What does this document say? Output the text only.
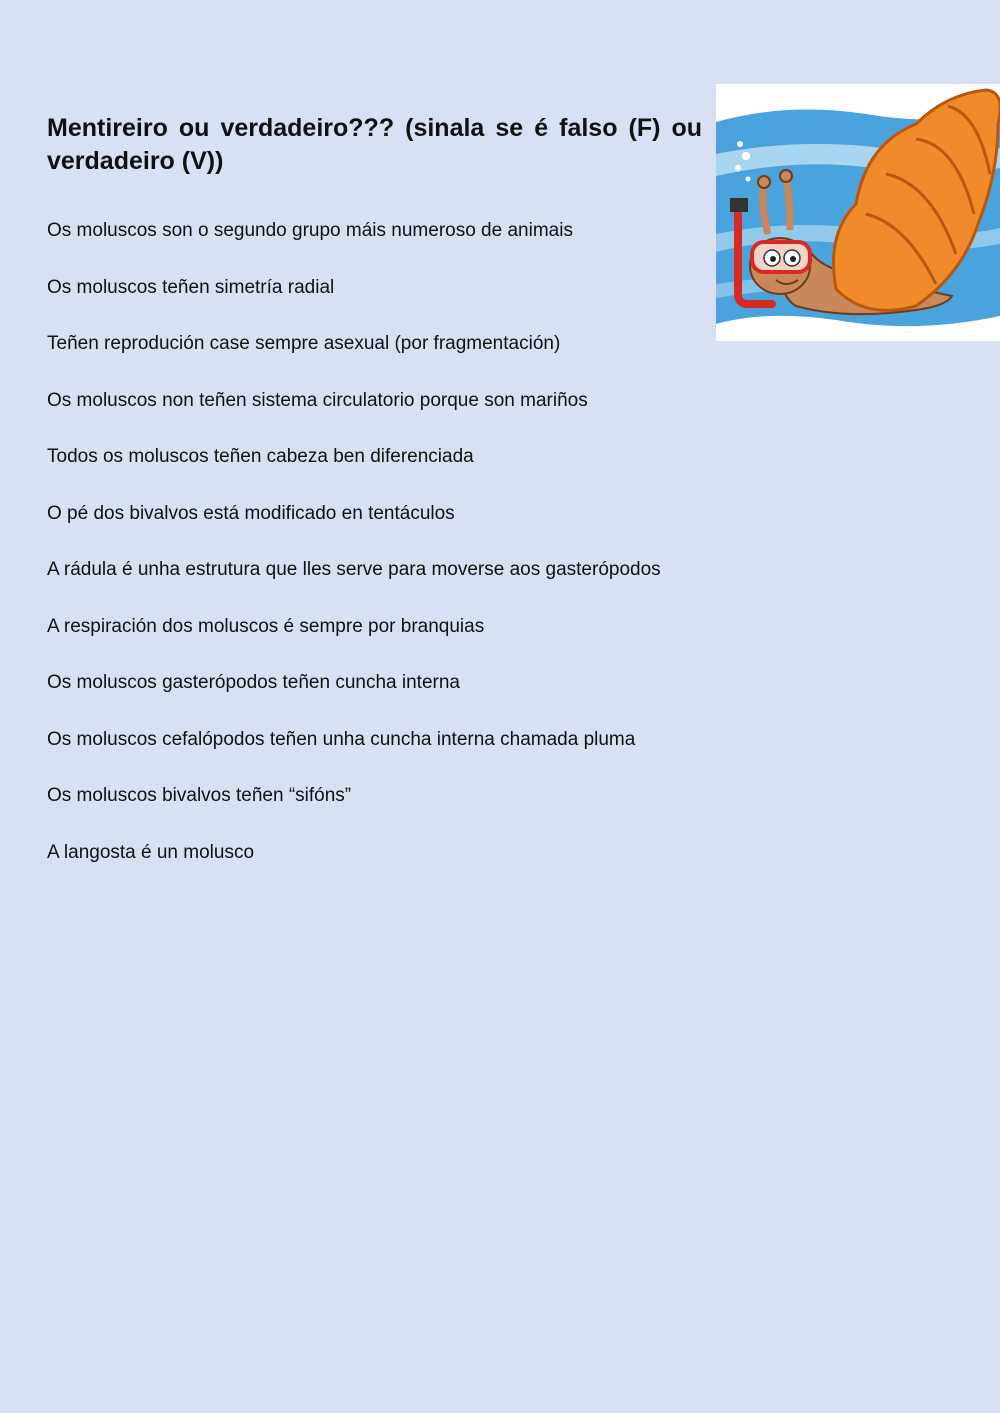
Mentireiro ou verdadeiro??? (sinala se é falso (F) ou verdadeiro (V))
Os moluscos son o segundo grupo máis numeroso de animais
Os moluscos teñen simetría radial
Teñen reprodución case sempre asexual (por fragmentación)
Os moluscos non teñen sistema circulatorio porque son mariños
Todos os moluscos teñen cabeza ben diferenciada
O pé dos bivalvos está modificado en tentáculos
A rádula é unha estrutura que lles serve para moverse aos gasterópodos
A respiración dos moluscos é sempre por branquias
Os moluscos gasterópodos teñen cuncha interna
Os moluscos cefalópodos teñen unha cuncha interna chamada pluma
Os moluscos bivalvos teñen “sifóns”
A langosta é un molusco
